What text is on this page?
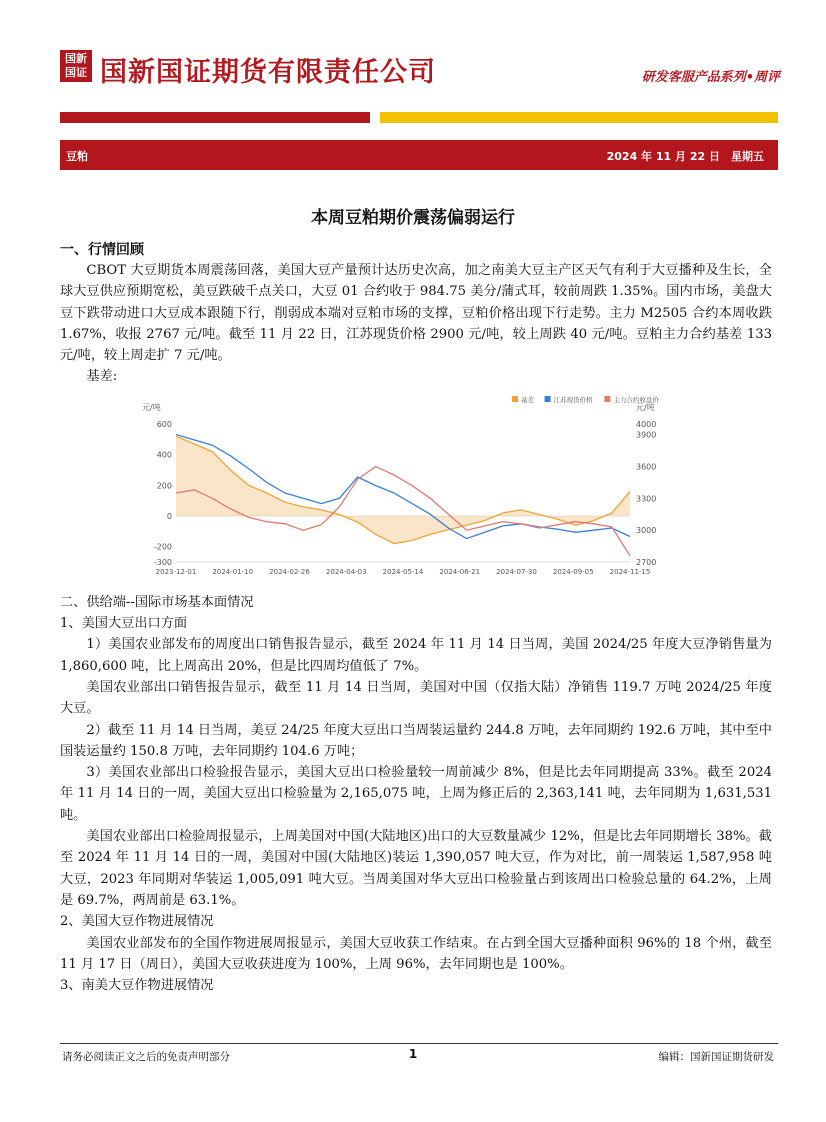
国新国证 国新国证期货有限责任公司	研发客服产品系列•周评
豆粕	2024 年 11 月 22 日　星期五
本周豆粕期价震荡偏弱运行

一、行情回顾

CBOT 大豆期货本周震荡回落，美国大豆产量预计达历史次高，加之南美大豆主产区天气有利于大豆播种及生长，全球大豆供应预期宽松，美豆跌破千点关口，大豆 01 合约收于 984.75 美分/蒲式耳，较前周跌 1.35%。国内市场，美盘大豆下跌带动进口大豆成本跟随下行，削弱成本端对豆粕市场的支撑，豆粕价格出现下行走势。主力 M2505 合约本周收跌 1.67%，收报 2767 元/吨。截至 11 月 22 日，江苏现货价格 2900 元/吨，较上周跌 40 元/吨。豆粕主力合约基差 133 元/吨，较上周走扩 7 元/吨。

基差:

元/吨	元/吨
基差	江苏现货价格	主力合约收盘价
600
400
200
0
-200
-300
4000
3900
3600
3300
3000
2700
2023-12-01 2024-01-10 2024-02-26 2024-04-03 2024-05-14 2024-06-21 2024-07-30 2024-09-05 2024-11-15

二、供给端--国际市场基本面情况

1、美国大豆出口方面

1）美国农业部发布的周度出口销售报告显示，截至 2024 年 11 月 14 日当周，美国 2024/25 年度大豆净销售量为 1,860,600 吨，比上周高出 20%，但是比四周均值低了 7%。

美国农业部出口销售报告显示，截至 11 月 14 日当周，美国对中国（仅指大陆）净销售 119.7 万吨 2024/25 年度大豆。

2）截至 11 月 14 日当周，美豆 24/25 年度大豆出口当周装运量约 244.8 万吨，去年同期约 192.6 万吨，其中至中国装运量约 150.8 万吨，去年同期约 104.6 万吨；

3）美国农业部出口检验报告显示，美国大豆出口检验量较一周前减少 8%，但是比去年同期提高 33%。截至 2024 年 11 月 14 日的一周，美国大豆出口检验量为 2,165,075 吨，上周为修正后的 2,363,141 吨，去年同期为 1,631,531 吨。

美国农业部出口检验周报显示，上周美国对中国(大陆地区)出口的大豆数量减少 12%，但是比去年同期增长 38%。截至 2024 年 11 月 14 日的一周，美国对中国(大陆地区)装运 1,390,057 吨大豆，作为对比，前一周装运 1,587,958 吨大豆，2023 年同期对华装运 1,005,091 吨大豆。当周美国对华大豆出口检验量占到该周出口检验总量的 64.2%，上周是 69.7%，两周前是 63.1%。

2、美国大豆作物进展情况

美国农业部发布的全国作物进展周报显示，美国大豆收获工作结束。在占到全国大豆播种面积 96%的 18 个州，截至 11 月 17 日（周日），美国大豆收获进度为 100%，上周 96%，去年同期也是 100%。

3、南美大豆作物进展情况

请务必阅读正文之后的免责声明部分	1	编辑：国新国证期货研发
